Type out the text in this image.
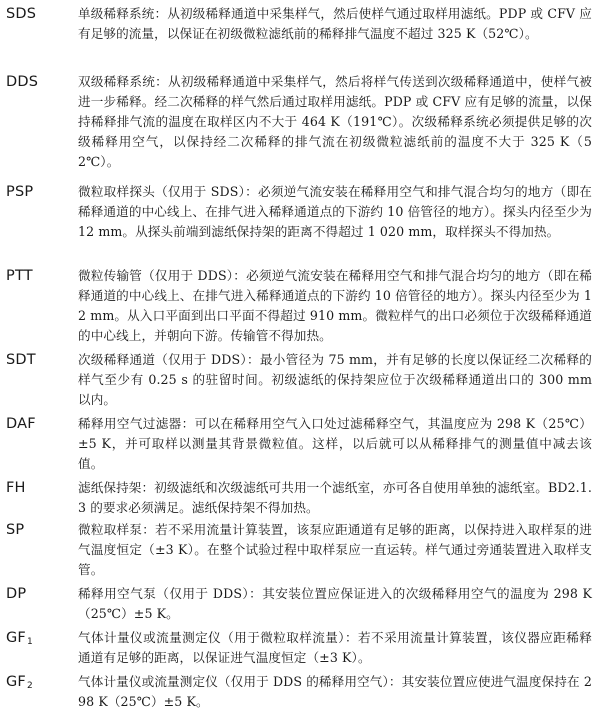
SDS	单级稀释系统：从初级稀释通道中采集样气，然后使样气通过取样用滤纸。PDP 或 CFV 应有足够的流量，以保证在初级微粒滤纸前的稀释排气温度不超过 325 K（52℃）。
DDS	双级稀释系统：从初级稀释通道中采集样气，然后将样气传送到次级稀释通道中，使样气被进一步稀释。经二次稀释的样气然后通过取样用滤纸。PDP 或 CFV 应有足够的流量，以保持稀释排气流的温度在取样区内不大于 464 K（191℃）。次级稀释系统必须提供足够的次级稀释用空气，以保持经二次稀释的排气流在初级微粒滤纸前的温度不大于 325 K（52℃）。
PSP	微粒取样探头（仅用于 SDS）：必须逆气流安装在稀释用空气和排气混合均匀的地方（即在稀释通道的中心线上、在排气进入稀释通道点的下游约 10 倍管径的地方）。探头内径至少为 12 mm。从探头前端到滤纸保持架的距离不得超过 1 020 mm，取样探头不得加热。
PTT	微粒传输管（仅用于 DDS）：必须逆气流安装在稀释用空气和排气混合均匀的地方（即在稀释通道的中心线上、在排气进入稀释通道点的下游约 10 倍管径的地方）。探头内径至少为 12 mm。从入口平面到出口平面不得超过 910 mm。微粒样气的出口必须位于次级稀释通道的中心线上，并朝向下游。传输管不得加热。
SDT	次级稀释通道（仅用于 DDS）：最小管径为 75 mm，并有足够的长度以保证经二次稀释的样气至少有 0.25 s 的驻留时间。初级滤纸的保持架应位于次级稀释通道出口的 300 mm 以内。
DAF	稀释用空气过滤器：可以在稀释用空气入口处过滤稀释空气，其温度应为 298 K（25℃）±5 K，并可取样以测量其背景微粒值。这样，以后就可以从稀释排气的测量值中减去该值。
FH	滤纸保持架：初级滤纸和次级滤纸可共用一个滤纸室，亦可各自使用单独的滤纸室。BD2.1.3 的要求必须满足。滤纸保持架不得加热。
SP	微粒取样泵：若不采用流量计算装置，该泵应距通道有足够的距离，以保持进入取样泵的进气温度恒定（±3 K）。在整个试验过程中取样泵应一直运转。样气通过旁通装置进入取样支管。
DP	稀释用空气泵（仅用于 DDS）：其安装位置应保证进入的次级稀释用空气的温度为 298 K（25℃）±5 K。
$GF_1$	气体计量仪或流量测定仪（用于微粒取样流量）：若不采用流量计算装置，该仪器应距稀释通道有足够的距离，以保证进气温度恒定（±3 K）。
$GF_2$	气体计量仪或流量测定仪（仅用于 DDS 的稀释用空气）：其安装位置应使进气温度保持在 298 K（25℃）±5 K。
